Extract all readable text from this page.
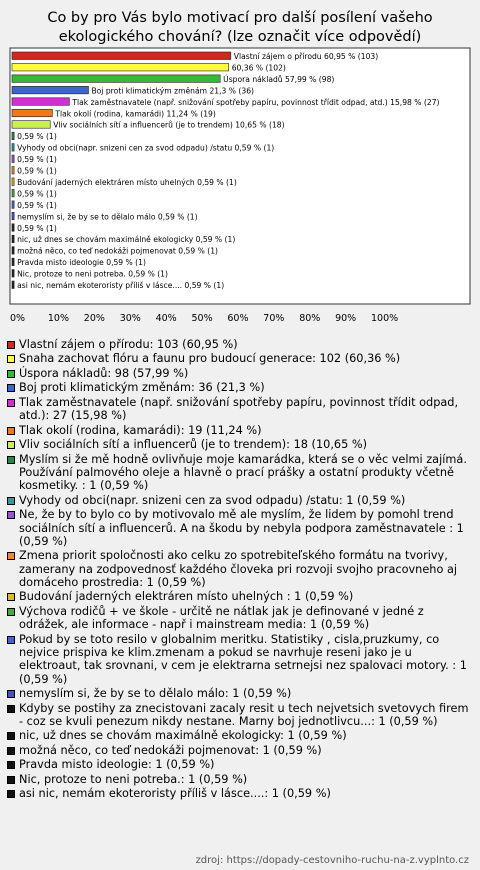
Co by pro Vás bylo motivací pro další posílení vašeho ekologického chování? (lze označit více odpovědí)
Vlastní zájem o přírodu 60,95 % (103)
60,36 % (102)
Úspora nákladů 57,99 % (98)
Boj proti klimatickým změnám 21,3 % (36)
Tlak zaměstnavatele (např. snižování spotřeby papíru, povinnost třídit odpad, atd.) 15,98 % (27)
Tlak okolí (rodina, kamarádi) 11,24 % (19)
Vliv sociálních sítí a influencerů (je to trendem) 10,65 % (18)
0,59 % (1)
Vyhody od obci(napr. snizeni cen za svod odpadu) /statu 0,59 % (1)
0,59 % (1)
0,59 % (1)
Budování jaderných elektráren místo uhelných 0,59 % (1)
0,59 % (1)
0,59 % (1)
nemyslím si, že by se to dělalo málo 0,59 % (1)
0,59 % (1)
nic, už dnes se chovám maximálně ekologicky 0,59 % (1)
možná něco, co teď nedokáži pojmenovat 0,59 % (1)
Pravda misto ideologie 0,59 % (1)
Nic, protoze to neni potreba. 0,59 % (1)
asi nic, nemám ekoteroristy příliš v lásce.... 0,59 % (1)
0% 10% 20% 30% 40% 50% 60% 70% 80% 90% 100%
Vlastní zájem o přírodu: 103 (60,95 %)
Snaha zachovat flóru a faunu pro budoucí generace: 102 (60,36 %)
Úspora nákladů: 98 (57,99 %)
Boj proti klimatickým změnám: 36 (21,3 %)
Tlak zaměstnavatele (např. snižování spotřeby papíru, povinnost třídit odpad, atd.): 27 (15,98 %)
Tlak okolí (rodina, kamarádi): 19 (11,24 %)
Vliv sociálních sítí a influencerů (je to trendem): 18 (10,65 %)
Myslím si že mě hodně ovlivňuje moje kamarádka, která se o věc velmi zajímá. Používání palmového oleje a hlavně o prací prášky a ostatní produkty včetně kosmetiky. : 1 (0,59 %)
Vyhody od obci(napr. snizeni cen za svod odpadu) /statu: 1 (0,59 %)
Ne, že by to bylo co by motivovalo mě ale myslím, že lidem by pomohl trend sociálních sítí a influencerů. A na škodu by nebyla podpora zaměstnavatele : 1 (0,59 %)
Zmena priorit spoločnosti ako celku zo spotrebiteľského formátu na tvorivy, zamerany na zodpovednosť každého človeka pri rozvoji svojho pracovneho aj domáceho prostredia: 1 (0,59 %)
Budování jaderných elektráren místo uhelných : 1 (0,59 %)
Výchova rodičů + ve škole - určitě ne nátlak jak je definované v jedné z odrážek, ale informace - např i mainstream media: 1 (0,59 %)
Pokud by se toto resilo v globalnim meritku. Statistiky , cisla,pruzkumy, co nejvice prispiva ke klim.zmenam a pokud se navrhuje reseni jako je u elektroaut, tak srovnani, v cem je elektrarna setrnejsi nez spalovaci motory. : 1 (0,59 %)
nemyslím si, že by se to dělalo málo: 1 (0,59 %)
Kdyby se postihy za znecistovani zacaly resit u tech nejvetsich svetovych firem - coz se kvuli penezum nikdy nestane. Marny boj jednotlivcu...: 1 (0,59 %)
nic, už dnes se chovám maximálně ekologicky: 1 (0,59 %)
možná něco, co teď nedokáži pojmenovat: 1 (0,59 %)
Pravda misto ideologie: 1 (0,59 %)
Nic, protoze to neni potreba.: 1 (0,59 %)
asi nic, nemám ekoteroristy příliš v lásce....: 1 (0,59 %)
zdroj: https://dopady-cestovniho-ruchu-na-z.vyplnto.cz
